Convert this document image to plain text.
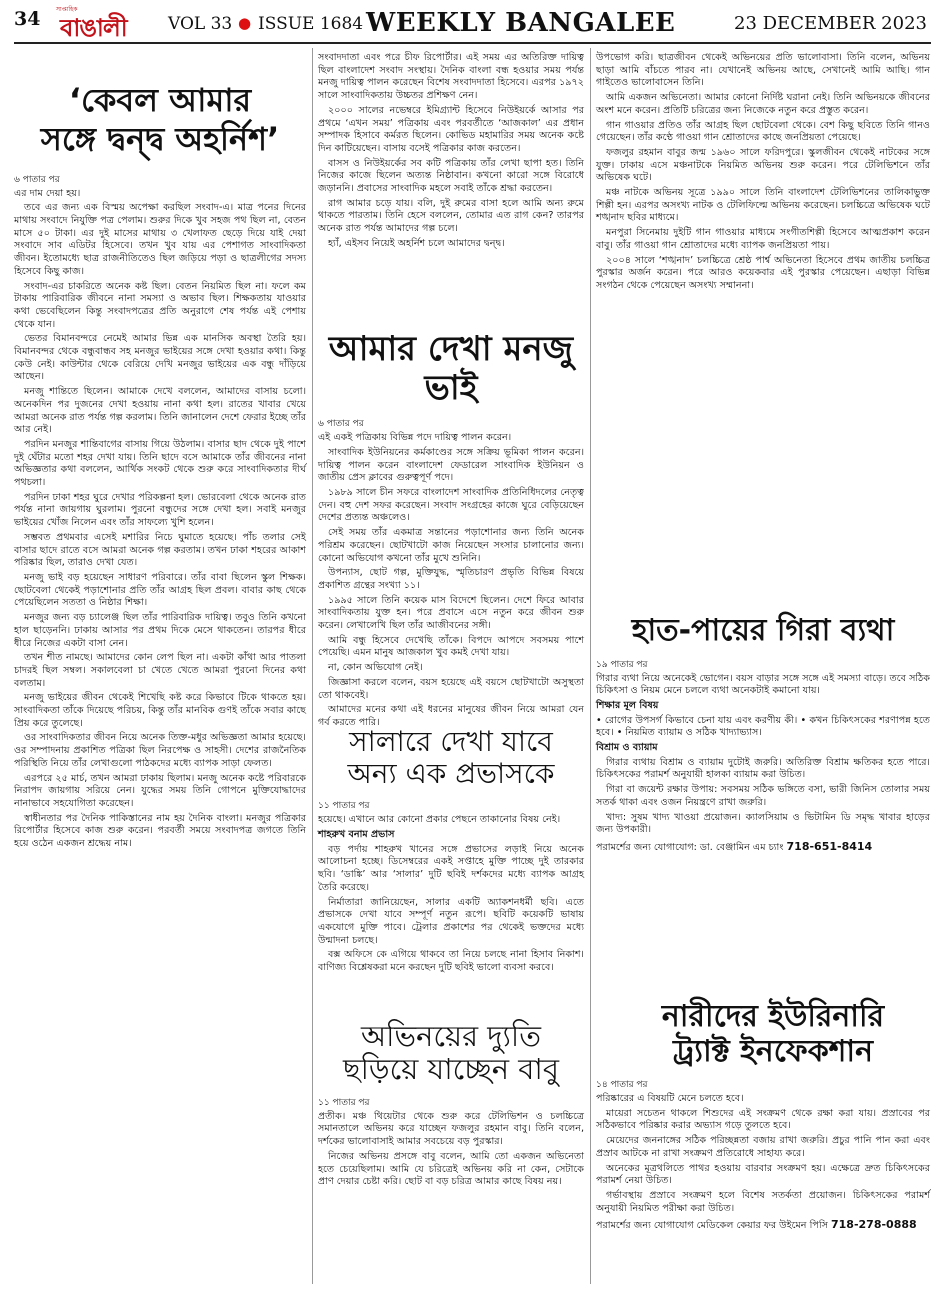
34	সাপ্তাহিক
বাঙালী VOL 33 ● ISSUE 1684 WEEKLY BANGALEE	23 DECEMBER 2023
‘কেবল আমার
সঙ্গে দ্বন্দ্ব অহর্নিশ’

৬ পাতার পর

এর দাম দেয়া হয়।

তবে এর জন্য এক বিস্ময় অপেক্ষা করছিল সংবাদ-এ। মাত্র পনের দিনের মাথায় সংবাদে নিযুক্তি পত্র পেলাম। শুরুর দিকে খুব সহজ পথ ছিল না, বেতন মাসে ৫০ টাকা। এর দুই মাসের মাথায় ৩ খেলাফত ছেড়ে দিয়ে যাই দেয়া সংবাদে সাব এডিটর হিসেবে। তখন খুব যায় এর পেশাগত সাংবাদিকতা জীবন। ইতোমধ্যে ছাত্র রাজনীতিতেও ছিল জড়িয়ে পড়া ও ছাত্রলীগের সদস্য হিসেবে কিছু কাজ।

সংবাদ-এর চাকরিতে অনেক কষ্ট ছিল। বেতন নিয়মিত ছিল না। ফলে কম টাকায় পারিবারিক জীবনে নানা সমস্যা ও অভাব ছিল। শিক্ষকতায় যাওয়ার কথা ভেবেছিলেন কিন্তু সংবাদপত্রের প্রতি অনুরাগে শেষ পর্যন্ত এই পেশায় থেকে যান।

ভেতর বিমানবন্দরে নেমেই আমার ভিন্ন এক মানসিক অবস্থা তৈরি হয়। বিমানবন্দর থেকে বন্ধুবান্ধব সহ মনজুর ভাইয়ের সঙ্গে দেখা হওয়ার কথা। কিন্তু কেউ নেই। কাউন্টার থেকে বেরিয়ে দেখি মনজুর ভাইয়ের এক বন্ধু দাঁড়িয়ে আছেন।

মনজু শান্তিতে ছিলেন। আমাকে দেখে বললেন, আমাদের বাসায় চলো। অনেকদিন পর দুজনের দেখা হওয়ায় নানা কথা হল। রাতের খাবার খেয়ে আমরা অনেক রাত পর্যন্ত গল্প করলাম। তিনি জানালেন দেশে ফেরার ইচ্ছে তাঁর আর নেই।

পরদিন মনজুর শান্তিবাগের বাসায় গিয়ে উঠলাম। বাসার ছাদ থেকে দুই পাশে দুই ঘেঁটার মতো শহর দেখা যায়। তিনি ছাদে বসে আমাকে তাঁর জীবনের নানা অভিজ্ঞতার কথা বললেন, আর্থিক সংকট থেকে শুরু করে সাংবাদিকতার দীর্ঘ পথচলা।

পরদিন ঢাকা শহর ঘুরে দেখার পরিকল্পনা হল। ভোরবেলা থেকে অনেক রাত পর্যন্ত নানা জায়গায় ঘুরলাম। পুরনো বন্ধুদের সঙ্গে দেখা হল। সবাই মনজুর ভাইয়ের খোঁজ নিলেন এবং তাঁর সাফল্যে খুশি হলেন।

সম্ভবত প্রথমবার এসেই মশারির নিচে ঘুমাতে হয়েছে। পাঁচ তলার সেই বাসার ছাদে রাতে বসে আমরা অনেক গল্প করতাম। তখন ঢাকা শহরের আকাশ পরিষ্কার ছিল, তারাও দেখা যেত।

মনজু ভাই বড় হয়েছেন সাধারণ পরিবারে। তাঁর বাবা ছিলেন স্কুল শিক্ষক। ছোটবেলা থেকেই পড়াশোনার প্রতি তাঁর আগ্রহ ছিল প্রবল। বাবার কাছ থেকে পেয়েছিলেন সততা ও নিষ্ঠার শিক্ষা।

মনজুর জন্য বড় চ্যালেঞ্জ ছিল তাঁর পারিবারিক দায়িত্ব। তবুও তিনি কখনো হাল ছাড়েননি। ঢাকায় আসার পর প্রথম দিকে মেসে থাকতেন। তারপর ধীরে ধীরে নিজের একটা বাসা নেন।

তখন শীত নামছে। আমাদের কোন লেপ ছিল না। একটা কাঁথা আর পাতলা চাদরই ছিল সম্বল। সকালবেলা চা খেতে খেতে আমরা পুরনো দিনের কথা বলতাম।

মনজু ভাইয়ের জীবন থেকেই শিখেছি কষ্ট করে কিভাবে টিকে থাকতে হয়। সাংবাদিকতা তাঁকে দিয়েছে পরিচয়, কিন্তু তাঁর মানবিক গুণই তাঁকে সবার কাছে প্রিয় করে তুলেছে।

ওর সাংবাদিকতার জীবন নিয়ে অনেক তিক্ত-মধুর অভিজ্ঞতা আমার হয়েছে। ওর সম্পাদনায় প্রকাশিত পত্রিকা ছিল নিরপেক্ষ ও সাহসী। দেশের রাজনৈতিক পরিস্থিতি নিয়ে তাঁর লেখাগুলো পাঠকদের মধ্যে ব্যাপক সাড়া ফেলত।

এরপরে ২৫ মার্চ, তখন আমরা ঢাকায় ছিলাম। মনজু অনেক কষ্টে পরিবারকে নিরাপদ জায়গায় সরিয়ে নেন। যুদ্ধের সময় তিনি গোপনে মুক্তিযোদ্ধাদের নানাভাবে সহযোগিতা করেছেন।

স্বাধীনতার পর দৈনিক পাকিস্তানের নাম হয় দৈনিক বাংলা। মনজুর পত্রিকার রিপোর্টার হিসেবে কাজ শুরু করেন। পরবর্তী সময়ে সংবাদপত্র জগতে তিনি হয়ে ওঠেন একজন শ্রদ্ধেয় নাম।

সংবাদদাতা এবং পরে চীফ রিপোর্টার। এই সময় এর অতিরিক্ত দায়িত্ব ছিল বাংলাদেশ সংবাদ সংস্থায়। দৈনিক বাংলা বন্ধ হওয়ার সময় পর্যন্ত মনজু দায়িত্ব পালন করেছেন বিশেষ সংবাদদাতা হিসেবে। এরপর ১৯৭২ সালে সাংবাদিকতায় উচ্চতর প্রশিক্ষণ নেন।

২০০০ সালের নভেম্বরে ইমিগ্র্যান্ট হিসেবে নিউইয়র্কে আসার পর প্রথমে ‘এখন সময়’ পত্রিকায় এবং পরবর্তীতে ‘আজকাল’ এর প্রধান সম্পাদক হিসাবে কর্মরত ছিলেন। কোভিড মহামারির সময় অনেক কষ্টে দিন কাটিয়েছেন। বাসায় বসেই পত্রিকার কাজ করতেন।

বাসস ও নিউইয়র্কের সব কটি পত্রিকায় তাঁর লেখা ছাপা হত। তিনি নিজের কাজে ছিলেন অত্যন্ত নিষ্ঠাবান। কখনো কারো সঙ্গে বিরোধে জড়াননি। প্রবাসের সাংবাদিক মহলে সবাই তাঁকে শ্রদ্ধা করতেন।

রাগ আমার চড়ে যায়। বলি, দুই রুমের বাসা হলে আমি অন্য রুমে থাকতে পারতাম। তিনি হেসে বললেন, তোমার এত রাগ কেন? তারপর অনেক রাত পর্যন্ত আমাদের গল্প চলে।

হ্যাঁ, এইসব নিয়েই অহর্নিশ চলে আমাদের দ্বন্দ্ব।

আমার দেখা মনজু ভাই

৬ পাতার পর

এই একই পত্রিকায় বিভিন্ন পদে দায়িত্ব পালন করেন।

সাংবাদিক ইউনিয়নের কর্মকাণ্ডের সঙ্গে সক্রিয় ভূমিকা পালন করেন। দায়িত্ব পালন করেন বাংলাদেশ ফেডারেল সাংবাদিক ইউনিয়ন ও জাতীয় প্রেস ক্লাবের গুরুত্বপূর্ণ পদে।

১৯৮৯ সালে চীন সফরে বাংলাদেশ সাংবাদিক প্রতিনিধিদলের নেতৃত্ব দেন। বহু দেশ সফর করেছেন। সংবাদ সংগ্রহের কাজে ঘুরে বেড়িয়েছেন দেশের প্রত্যন্ত অঞ্চলেও।

সেই সময় তাঁর একমাত্র সন্তানের পড়াশোনার জন্য তিনি অনেক পরিশ্রম করেছেন। ছোটখাটো কাজ নিয়েছেন সংসার চালানোর জন্য। কোনো অভিযোগ কখনো তাঁর মুখে শুনিনি।

উপন্যাস, ছোট গল্প, মুক্তিযুদ্ধ, স্মৃতিচারণ প্রভৃতি বিভিন্ন বিষয়ে প্রকাশিত গ্রন্থের সংখ্যা ১১।

১৯৯৫ সালে তিনি কয়েক মাস বিদেশে ছিলেন। দেশে ফিরে আবার সাংবাদিকতায় যুক্ত হন। পরে প্রবাসে এসে নতুন করে জীবন শুরু করেন। লেখালেখি ছিল তাঁর আজীবনের সঙ্গী।

আমি বন্ধু হিসেবে দেখেছি তাঁকে। বিপদে আপদে সবসময় পাশে পেয়েছি। এমন মানুষ আজকাল খুব কমই দেখা যায়।

না, কোন অভিযোগ নেই।

জিজ্ঞাসা করলে বলেন, বয়স হয়েছে এই বয়সে ছোটখাটো অসুস্থতা তো থাকবেই।

আমাদের মনের কথা এই ধরনের মানুষের জীবন নিয়ে আমরা যেন গর্ব করতে পারি।

সালারে দেখা যাবে
অন্য এক প্রভাসকে

১১ পাতার পর

হয়েছে। এখানে আর কোনো প্রকার পেছনে তাকানোর বিষয় নেই।

শাহরুখ বনাম প্রভাস

বড় পর্দায় শাহরুখ খানের সঙ্গে প্রভাসের লড়াই নিয়ে অনেক আলোচনা হচ্ছে। ডিসেম্বরের একই সপ্তাহে মুক্তি পাচ্ছে দুই তারকার ছবি। ‘ডাঙ্কি’ আর ‘সালার’ দুটি ছবিই দর্শকদের মধ্যে ব্যাপক আগ্রহ তৈরি করেছে।

নির্মাতারা জানিয়েছেন, সালার একটি অ্যাকশনধর্মী ছবি। এতে প্রভাসকে দেখা যাবে সম্পূর্ণ নতুন রূপে। ছবিটি কয়েকটি ভাষায় একযোগে মুক্তি পাবে। ট্রেলার প্রকাশের পর থেকেই ভক্তদের মধ্যে উন্মাদনা চলছে।

বক্স অফিসে কে এগিয়ে থাকবে তা নিয়ে চলছে নানা হিসাব নিকাশ। বাণিজ্য বিশ্লেষকরা মনে করছেন দুটি ছবিই ভালো ব্যবসা করবে।

অভিনয়ের দ্যুতি
ছড়িয়ে যাচ্ছেন বাবু

১১ পাতার পর

প্রতীক। মঞ্চ থিয়েটার থেকে শুরু করে টেলিভিশন ও চলচ্চিত্রে সমানতালে অভিনয় করে যাচ্ছেন ফজলুর রহমান বাবু। তিনি বলেন, দর্শকের ভালোবাসাই আমার সবচেয়ে বড় পুরস্কার।

নিজের অভিনয় প্রসঙ্গে বাবু বলেন, আমি তো একজন অভিনেতা হতে চেয়েছিলাম। আমি যে চরিত্রেই অভিনয় করি না কেন, সেটাকে প্রাণ দেয়ার চেষ্টা করি। ছোট বা বড় চরিত্র আমার কাছে বিষয় নয়।

উপভোগ করি। ছাত্রজীবন থেকেই অভিনয়ের প্রতি ভালোবাসা। তিনি বলেন, অভিনয় ছাড়া আমি বাঁচতে পারব না। যেখানেই অভিনয় আছে, সেখানেই আমি আছি। গান গাইতেও ভালোবাসেন তিনি।

আমি একজন অভিনেতা। আমার কোনো নির্দিষ্ট ঘরানা নেই। তিনি অভিনয়কে জীবনের অংশ মনে করেন। প্রতিটি চরিত্রের জন্য নিজেকে নতুন করে প্রস্তুত করেন।

গান গাওয়ার প্রতিও তাঁর আগ্রহ ছিল ছোটবেলা থেকে। বেশ কিছু ছবিতে তিনি গানও গেয়েছেন। তাঁর কণ্ঠে গাওয়া গান শ্রোতাদের কাছে জনপ্রিয়তা পেয়েছে।

ফজলুর রহমান বাবুর জন্ম ১৯৬০ সালে ফরিদপুরে। স্কুলজীবন থেকেই নাটকের সঙ্গে যুক্ত। ঢাকায় এসে মঞ্চনাটকে নিয়মিত অভিনয় শুরু করেন। পরে টেলিভিশনে তাঁর অভিষেক ঘটে।

মঞ্চ নাটকে অভিনয় সূত্রে ১৯৯০ সালে তিনি বাংলাদেশ টেলিভিশনের তালিকাভুক্ত শিল্পী হন। এরপর অসংখ্য নাটক ও টেলিফিল্মে অভিনয় করেছেন। চলচ্চিত্রে অভিষেক ঘটে শঙ্খনাদ ছবির মাধ্যমে।

মনপুরা সিনেমায় দুইটি গান গাওয়ার মাধ্যমে সংগীতশিল্পী হিসেবে আত্মপ্রকাশ করেন বাবু। তাঁর গাওয়া গান শ্রোতাদের মধ্যে ব্যাপক জনপ্রিয়তা পায়।

২০০৪ সালে ‘শঙ্খনাদ’ চলচ্চিত্রে শ্রেষ্ঠ পার্শ্ব অভিনেতা হিসেবে প্রথম জাতীয় চলচ্চিত্র পুরস্কার অর্জন করেন। পরে আরও কয়েকবার এই পুরস্কার পেয়েছেন। এছাড়া বিভিন্ন সংগঠন থেকে পেয়েছেন অসংখ্য সম্মাননা।

হাত-পায়ের গিরা ব্যথা

১৯ পাতার পর

গিরার ব্যথা নিয়ে অনেকেই ভোগেন। বয়স বাড়ার সঙ্গে সঙ্গে এই সমস্যা বাড়ে। তবে সঠিক চিকিৎসা ও নিয়ম মেনে চললে ব্যথা অনেকটাই কমানো যায়।

শিক্ষার মূল বিষয়

• রোগের উপসর্গ কিভাবে চেনা যায় এবং করণীয় কী। • কখন চিকিৎসকের শরণাপন্ন হতে হবে। • নিয়মিত ব্যায়াম ও সঠিক খাদ্যাভ্যাস।

বিশ্রাম ও ব্যায়াম

গিরার ব্যথায় বিশ্রাম ও ব্যায়াম দুটোই জরুরি। অতিরিক্ত বিশ্রাম ক্ষতিকর হতে পারে। চিকিৎসকের পরামর্শ অনুযায়ী হালকা ব্যায়াম করা উচিত।

গিরা বা জয়েন্ট রক্ষার উপায়: সবসময় সঠিক ভঙ্গিতে বসা, ভারী জিনিস তোলার সময় সতর্ক থাকা এবং ওজন নিয়ন্ত্রণে রাখা জরুরি।

খাদ্য: সুষম খাদ্য খাওয়া প্রয়োজন। ক্যালসিয়াম ও ভিটামিন ডি সমৃদ্ধ খাবার হাড়ের জন্য উপকারী।

পরামর্শের জন্য যোগাযোগ: ডা. বেঞ্জামিন এম চ্যাং 718-651-8414

নারীদের ইউরিনারি
ট্র্যাক্ট ইনফেকশান

১৪ পাতার পর

পরিষ্কারের এ বিষয়টি মেনে চলতে হবে।

মায়েরা সচেতন থাকলে শিশুদের এই সংক্রমণ থেকে রক্ষা করা যায়। প্রস্রাবের পর সঠিকভাবে পরিষ্কার করার অভ্যাস গড়ে তুলতে হবে।

মেয়েদের জননাঙ্গের সঠিক পরিচ্ছন্নতা বজায় রাখা জরুরি। প্রচুর পানি পান করা এবং প্রস্রাব আটকে না রাখা সংক্রমণ প্রতিরোধে সাহায্য করে।

অনেকের মূত্রথলিতে পাথর হওয়ায় বারবার সংক্রমণ হয়। এক্ষেত্রে দ্রুত চিকিৎসকের পরামর্শ নেয়া উচিত।

গর্ভাবস্থায় প্রস্রাবে সংক্রমণ হলে বিশেষ সতর্কতা প্রয়োজন। চিকিৎসকের পরামর্শ অনুযায়ী নিয়মিত পরীক্ষা করা উচিত।

পরামর্শের জন্য যোগাযোগ মেডিকেল কেয়ার ফর উইমেন পিসি 718-278-0888
